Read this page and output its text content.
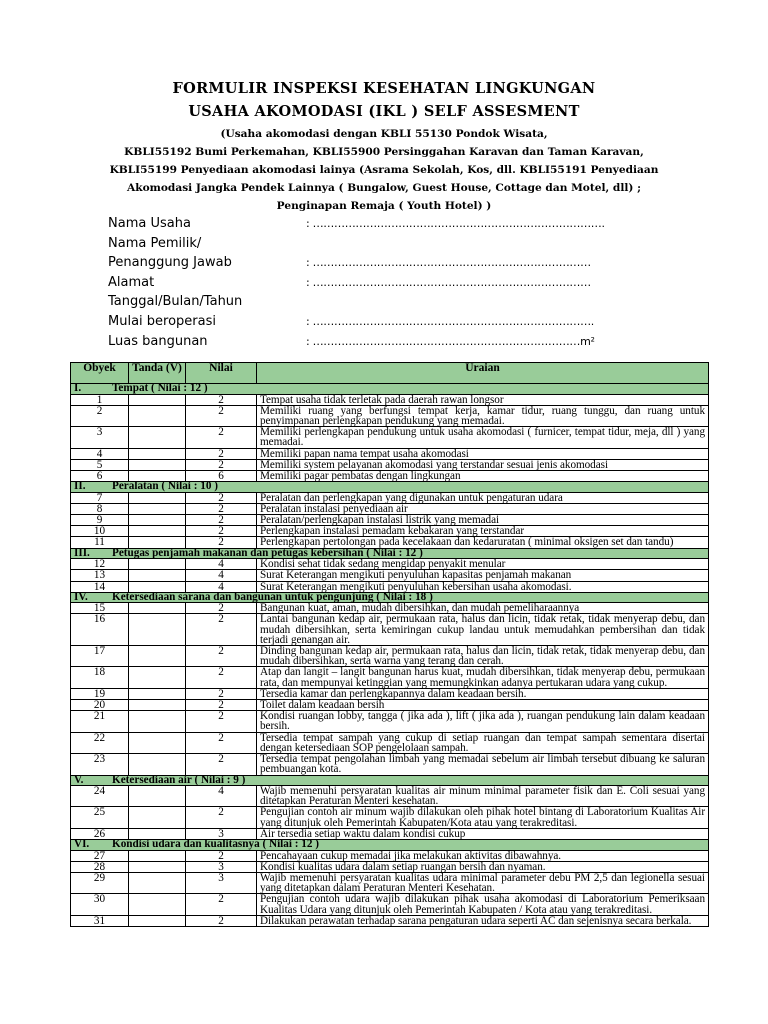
FORMULIR INSPEKSI KESEHATAN LINGKUNGAN
USAHA AKOMODASI (IKL ) SELF ASSESMENT
(Usaha akomodasi dengan KBLI 55130 Pondok Wisata,
KBLI55192 Bumi Perkemahan, KBLI55900 Persinggahan Karavan dan Taman Karavan,
KBLI55199 Penyediaan akomodasi lainya (Asrama Sekolah, Kos, dll. KBLI55191 Penyediaan
Akomodasi Jangka Pendek Lainnya ( Bungalow, Guest House, Cottage dan Motel, dll) ;
Penginapan Remaja ( Youth Hotel) )
Nama Usaha	: ……………………………………………………………………….
Nama Pemilik/
Penanggung Jawab	: ……………………………………………………………………
Alamat	: ……………………………………………………………………
Tanggal/Bulan/Tahun
Mulai beroperasi	: …………………………………………………………………….
Luas bangunan	: …………………………………………………………………m²
Obyek	Tanda (V)	Nilai	Uraian
I. Tempat ( Nilai : 12 )			
1		2	Tempat usaha tidak terletak pada daerah rawan longsor
2		2	Memiliki ruang yang berfungsi tempat kerja, kamar tidur, ruang tunggu, dan ruang untuk penyimpanan perlengkapan pendukung yang memadai.
3		2	Memiliki perlengkapan pendukung untuk usaha akomodasi ( furnicer, tempat tidur, meja, dll ) yang memadai.
4		2	Memiliki papan nama tempat usaha akomodasi
5		2	Memiliki system pelayanan akomodasi yang terstandar sesuai jenis akomodasi
6		6	Memiliki pagar pembatas dengan lingkungan
II. Peralatan ( Nilai : 10 )			
7		2	Peralatan dan perlengkapan yang digunakan untuk pengaturan udara
8		2	Peralatan instalasi penyediaan air
9		2	Peralatan/perlengkapan instalasi listrik yang memadai
10		2	Perlengkapan instalasi pemadam kebakaran yang terstandar
11		2	Perlengkapan pertolongan pada kecelakaan dan kedaruratan ( minimal oksigen set dan tandu)
III. Petugas penjamah makanan dan petugas kebersihan ( Nilai : 12 )			
12		4	Kondisi sehat tidak sedang mengidap penyakit menular
13		4	Surat Keterangan mengikuti penyuluhan kapasitas penjamah makanan
14		4	Surat Keterangan mengikuti penyuluhan kebersihan usaha akomodasi.
IV. Ketersediaan sarana dan bangunan untuk pengunjung ( Nilai : 18 )			
15		2	Bangunan kuat, aman, mudah dibersihkan, dan mudah pemeliharaannya
16		2	Lantai bangunan kedap air, permukaan rata, halus dan licin, tidak retak, tidak menyerap debu, dan mudah dibersihkan, serta kemiringan cukup landau untuk memudahkan pembersihan dan tidak terjadi genangan air.
17		2	Dinding bangunan kedap air, permukaan rata, halus dan licin, tidak retak, tidak menyerap debu, dan mudah dibersihkan, serta warna yang terang dan cerah.
18		2	Atap dan langit – langit bangunan harus kuat, mudah dibersihkan, tidak menyerap debu, permukaan rata, dan mempunyai ketinggian yang memungkinkan adanya pertukaran udara yang cukup.
19		2	Tersedia kamar dan perlengkapannya dalam keadaan bersih.
20		2	Toilet dalam keadaan bersih
21		2	Kondisi ruangan lobby, tangga ( jika ada ), lift ( jika ada ), ruangan pendukung lain dalam keadaan bersih.
22		2	Tersedia tempat sampah yang cukup di setiap ruangan dan tempat sampah sementara disertai dengan ketersediaan SOP pengelolaan sampah.
23		2	Tersedia tempat pengolahan limbah yang memadai sebelum air limbah tersebut dibuang ke saluran pembuangan kota.
V. Ketersediaan air ( Nilai : 9 )			
24		4	Wajib memenuhi persyaratan kualitas air minum minimal parameter fisik dan E. Coli sesuai yang ditetapkan Peraturan Menteri kesehatan.
25		2	Pengujian contoh air minum wajib dilakukan oleh pihak hotel bintang di Laboratorium Kualitas Air yang ditunjuk oleh Pemerintah Kabupaten/Kota atau yang terakreditasi.
26		3	Air tersedia setiap waktu dalam kondisi cukup
VI. Kondisi udara dan kualitasnya ( Nilai : 12 )			
27		2	Pencahayaan cukup memadai jika melakukan aktivitas dibawahnya.
28		3	Kondisi kualitas udara dalam setiap ruangan bersih dan nyaman.
29		3	Wajib memenuhi persyaratan kualitas udara minimal parameter debu PM 2,5 dan legionella sesuai yang ditetapkan dalam Peraturan Menteri Kesehatan.
30		2	Pengujian contoh udara wajib dilakukan pihak usaha akomodasi di Laboratorium Pemeriksaan Kualitas Udara yang ditunjuk oleh Pemerintah Kabupaten / Kota atau yang terakreditasi.
31		2	Dilakukan perawatan terhadap sarana pengaturan udara seperti AC dan sejenisnya secara berkala.
